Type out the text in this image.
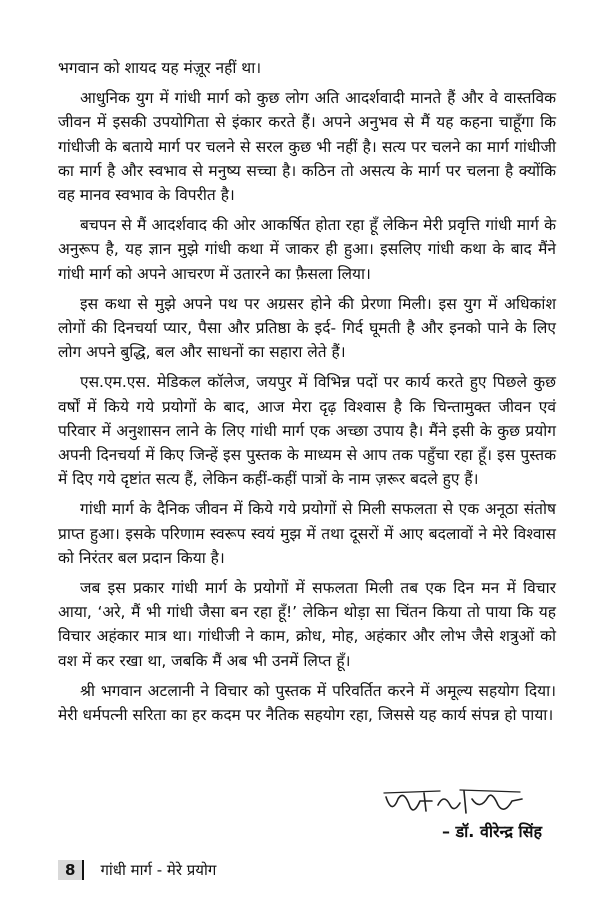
भगवान को शायद यह मंज़ूर नहीं था।

आधुनिक युग में गांधी मार्ग को कुछ लोग अति आदर्शवादी मानते हैं और वे वास्तविक जीवन में इसकी उपयोगिता से इंकार करते हैं। अपने अनुभव से मैं यह कहना चाहूँगा कि गांधीजी के बताये मार्ग पर चलने से सरल कुछ भी नहीं है। सत्य पर चलने का मार्ग गांधीजी का मार्ग है और स्वभाव से मनुष्य सच्चा है। कठिन तो असत्य के मार्ग पर चलना है क्योंकि वह मानव स्वभाव के विपरीत है।

बचपन से मैं आदर्शवाद की ओर आकर्षित होता रहा हूँ लेकिन मेरी प्रवृत्ति गांधी मार्ग के अनुरूप है, यह ज्ञान मुझे गांधी कथा में जाकर ही हुआ। इसलिए गांधी कथा के बाद मैंने गांधी मार्ग को अपने आचरण में उतारने का फ़ैसला लिया।

इस कथा से मुझे अपने पथ पर अग्रसर होने की प्रेरणा मिली। इस युग में अधिकांश लोगों की दिनचर्या प्यार, पैसा और प्रतिष्ठा के इर्द- गिर्द घूमती है और इनको पाने के लिए लोग अपने बुद्धि, बल और साधनों का सहारा लेते हैं।

एस.एम.एस. मेडिकल कॉलेज, जयपुर में विभिन्न पदों पर कार्य करते हुए पिछले कुछ वर्षों में किये गये प्रयोगों के बाद, आज मेरा दृढ़ विश्वास है कि चिन्तामुक्त जीवन एवं परिवार में अनुशासन लाने के लिए गांधी मार्ग एक अच्छा उपाय है। मैंने इसी के कुछ प्रयोग अपनी दिनचर्या में किए जिन्हें इस पुस्तक के माध्यम से आप तक पहुँचा रहा हूँ। इस पुस्तक में दिए गये दृष्टांत सत्य हैं, लेकिन कहीं-कहीं पात्रों के नाम ज़रूर बदले हुए हैं।

गांधी मार्ग के दैनिक जीवन में किये गये प्रयोगों से मिली सफलता से एक अनूठा संतोष प्राप्त हुआ। इसके परिणाम स्वरूप स्वयं मुझ में तथा दूसरों में आए बदलावों ने मेरे विश्वास को निरंतर बल प्रदान किया है।

जब इस प्रकार गांधी मार्ग के प्रयोगों में सफलता मिली तब एक दिन मन में विचार आया, ‘अरे, मैं भी गांधी जैसा बन रहा हूँ!’ लेकिन थोड़ा सा चिंतन किया तो पाया कि यह विचार अहंकार मात्र था। गांधीजी ने काम, क्रोध, मोह, अहंकार और लोभ जैसे शत्रुओं को वश में कर रखा था, जबकि मैं अब भी उनमें लिप्त हूँ।

श्री भगवान अटलानी ने विचार को पुस्तक में परिवर्तित करने में अमूल्य सहयोग दिया। मेरी धर्मपत्नी सरिता का हर कदम पर नैतिक सहयोग रहा, जिससे यह कार्य संपन्न हो पाया।

– डॉ. वीरेन्द्र सिंह
8	गांधी मार्ग - मेरे प्रयोग
